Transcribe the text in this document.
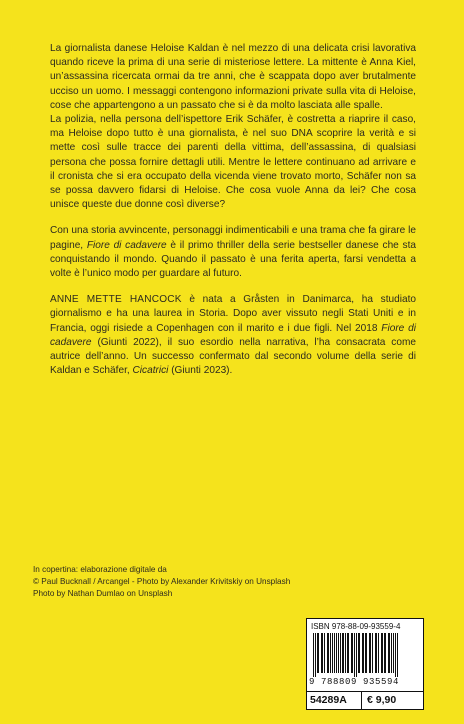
La giornalista danese Heloise Kaldan è nel mezzo di una delicata crisi lavorativa quando riceve la prima di una serie di misteriose lettere. La mittente è Anna Kiel, un’assassina ricercata ormai da tre anni, che è scappata dopo aver brutalmente ucciso un uomo. I messaggi contengono informazioni private sulla vita di Heloise, cose che appartengono a un passato che si è da molto lasciata alle spalle.

La polizia, nella persona dell’ispettore Erik Schäfer, è costretta a riaprire il caso, ma Heloise dopo tutto è una giornalista, è nel suo DNA scoprire la verità e si mette così sulle tracce dei parenti della vittima, dell’assassina, di qualsiasi persona che possa fornire dettagli utili. Mentre le lettere continuano ad arrivare e il cronista che si era occupato della vicenda viene trovato morto, Schäfer non sa se possa davvero fidarsi di Heloise. Che cosa vuole Anna da lei? Che cosa unisce queste due donne così diverse?

Con una storia avvincente, personaggi indimenticabili e una trama che fa girare le pagine, Fiore di cadavere è il primo thriller della serie bestseller danese che sta conquistando il mondo. Quando il passato è una ferita aperta, farsi vendetta a volte è l’unico modo per guardare al futuro.

ANNE METTE HANCOCK è nata a Gråsten in Danimarca, ha studiato giornalismo e ha una laurea in Storia. Dopo aver vissuto negli Stati Uniti e in Francia, oggi risiede a Copenhagen con il marito e i due figli. Nel 2018 Fiore di cadavere (Giunti 2022), il suo esordio nella narrativa, l’ha consacrata come autrice dell’anno. Un successo confermato dal secondo volume della serie di Kaldan e Schäfer, Cicatrici (Giunti 2023).

In copertina: elaborazione digitale da
© Paul Bucknall / Arcangel - Photo by Alexander Krivitskiy on Unsplash
Photo by Nathan Dumlao on Unsplash
ISBN 978-88-09-93559-4
9 788809 935594
54289A € 9,90
